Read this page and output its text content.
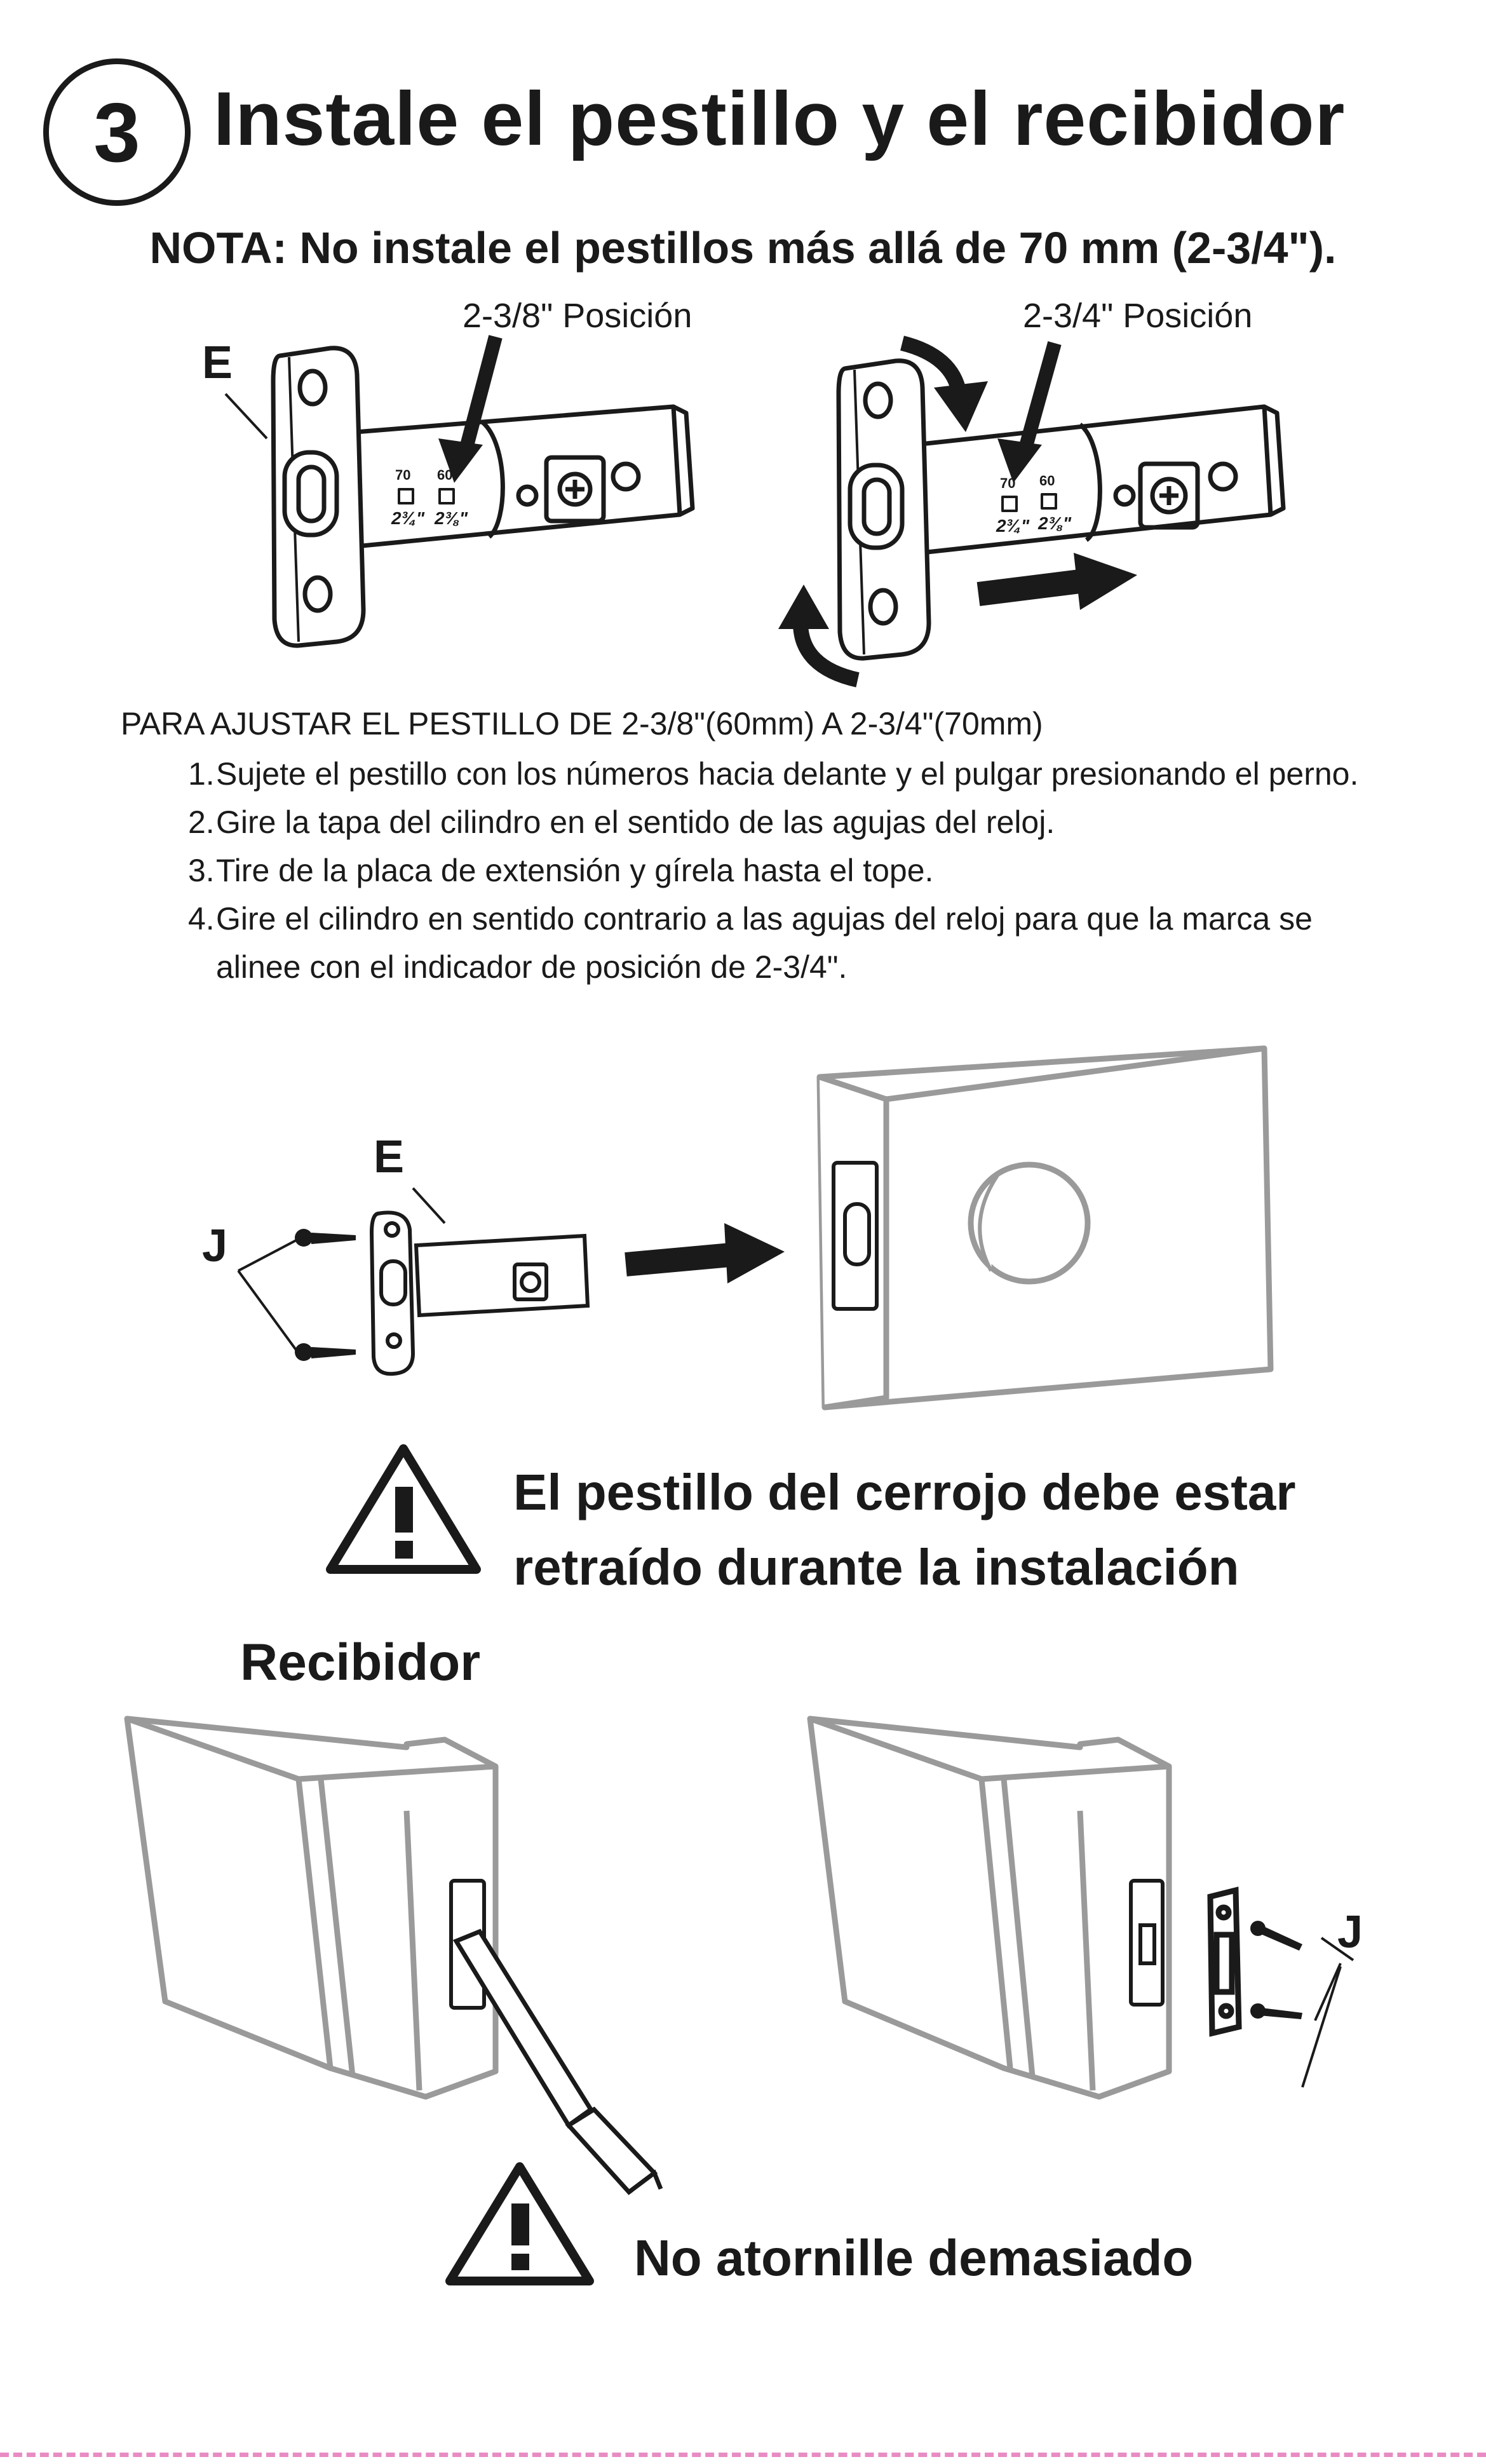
3 Instale el pestillo y el recibidor
NOTA: No instale el pestillos más allá de 70 mm (2-3/4").
E
2-3/8" Posición	2-3/4" Posición
70 60
2¾" 2⅜"
70 60
2¾" 2⅜"
PARA AJUSTAR EL PESTILLO DE 2-3/8"(60mm) A 2-3/4"(70mm)
1.Sujete el pestillo con los números hacia delante y el pulgar presionando el perno.
2.Gire la tapa del cilindro en el sentido de las agujas del reloj.
3.Tire de la placa de extensión y gírela hasta el tope.
4.Gire el cilindro en sentido contrario a las agujas del reloj para que la marca se
alinee con el indicador de posición de 2-3/4".
E
J
El pestillo del cerrojo debe estar
retraído durante la instalación
Recibidor
J
No atornille demasiado
